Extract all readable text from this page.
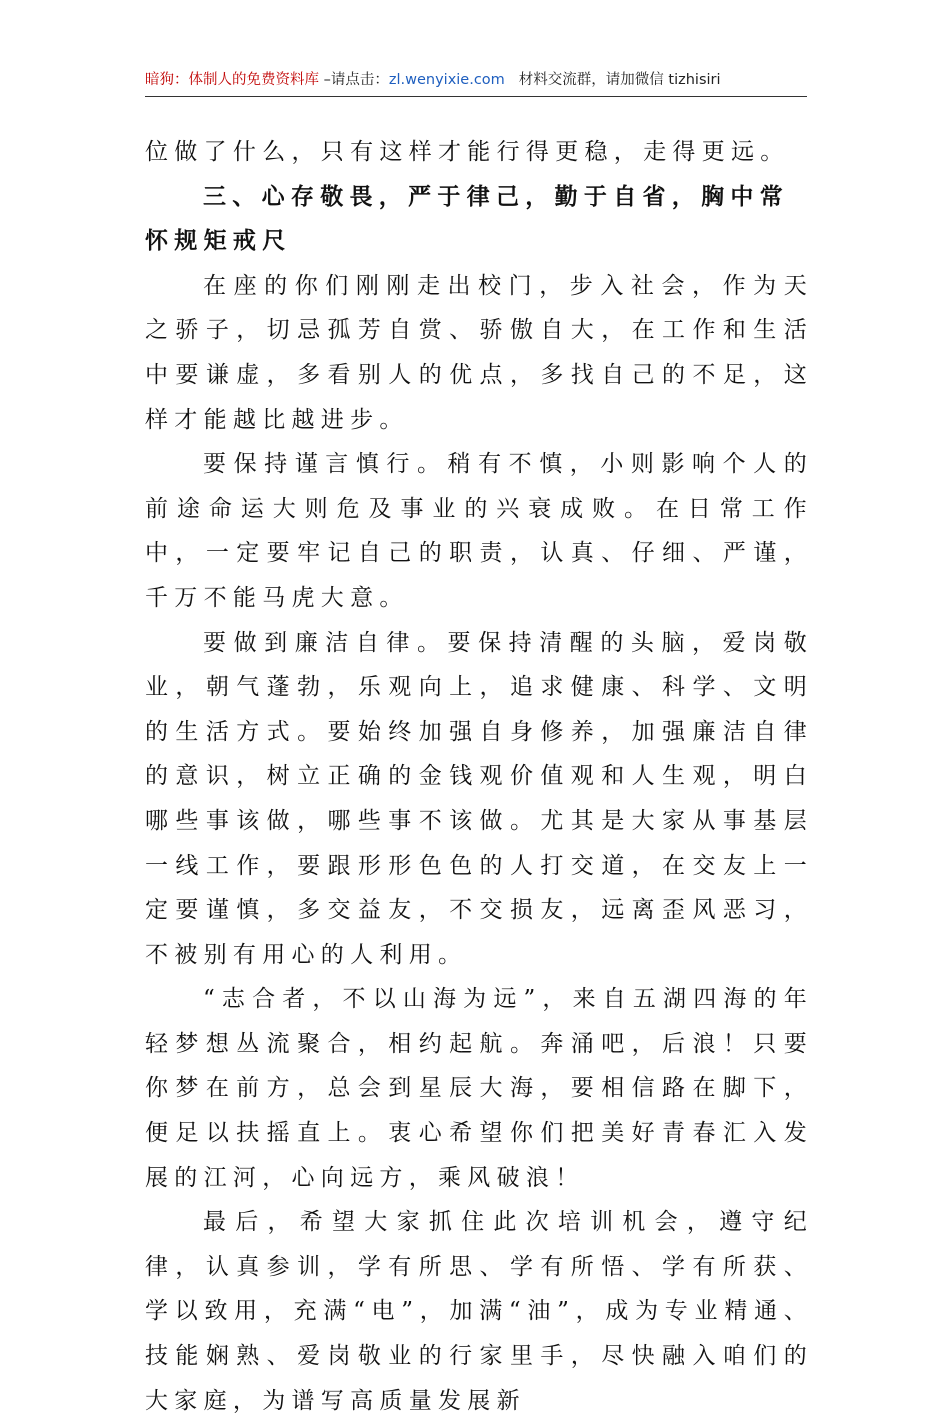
暗狗：体制人的免费资料库 –请点击：zl.wenyixie.com 材料交流群，请加微信 tizhisiri

位做了什么，只有这样才能行得更稳，走得更远。

三、心存敬畏，严于律己，勤于自省，胸中常怀规矩戒尺

在座的你们刚刚走出校门，步入社会，作为天之骄子，切忌孤芳自赏、骄傲自大，在工作和生活中要谦虚，多看别人的优点，多找自己的不足，这样才能越比越进步。

要保持谨言慎行。稍有不慎，小则影响个人的前途命运大则危及事业的兴衰成败。在日常工作中，一定要牢记自己的职责，认真、仔细、严谨，千万不能马虎大意。

要做到廉洁自律。要保持清醒的头脑，爱岗敬业，朝气蓬勃，乐观向上，追求健康、科学、文明的生活方式。要始终加强自身修养，加强廉洁自律的意识，树立正确的金钱观价值观和人生观，明白哪些事该做，哪些事不该做。尤其是大家从事基层一线工作，要跟形形色色的人打交道，在交友上一定要谨慎，多交益友，不交损友，远离歪风恶习，不被别有用心的人利用。

“志合者，不以山海为远”，来自五湖四海的年轻梦想丛流聚合，相约起航。奔涌吧，后浪！只要你梦在前方，总会到星辰大海，要相信路在脚下，便足以扶摇直上。衷心希望你们把美好青春汇入发展的江河，心向远方，乘风破浪！

最后，希望大家抓住此次培训机会，遵守纪律，认真参训，学有所思、学有所悟、学有所获、学以致用，充满“电”，加满“油”，成为专业精通、技能娴熟、爱岗敬业的行家里手，尽快融入咱们的大家庭，为谱写高质量发展新
